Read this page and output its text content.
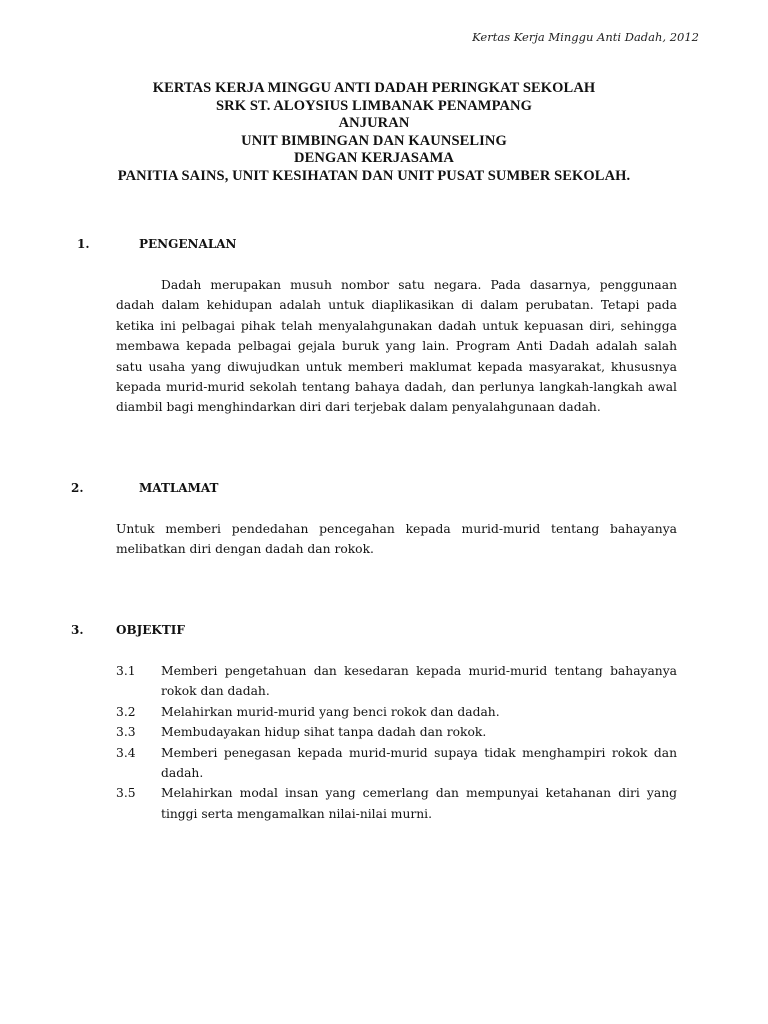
Kertas Kerja Minggu Anti Dadah, 2012
KERTAS KERJA MINGGU ANTI DADAH PERINGKAT SEKOLAH
SRK ST. ALOYSIUS LIMBANAK PENAMPANG
ANJURAN
UNIT BIMBINGAN DAN KAUNSELING
DENGAN KERJASAMA
PANITIA SAINS, UNIT KESIHATAN DAN UNIT PUSAT SUMBER SEKOLAH.
1.	PENGENALAN

Dadah merupakan musuh nombor satu negara. Pada dasarnya, penggunaan dadah dalam kehidupan adalah untuk diaplikasikan di dalam perubatan. Tetapi pada ketika ini pelbagai pihak telah menyalahgunakan dadah untuk kepuasan diri, sehingga membawa kepada pelbagai gejala buruk yang lain. Program Anti Dadah adalah salah satu usaha yang diwujudkan untuk memberi maklumat kepada masyarakat, khususnya kepada murid-murid sekolah tentang bahaya dadah, dan perlunya langkah-langkah awal diambil bagi menghindarkan diri dari terjebak dalam penyalahgunaan dadah.

2.	MATLAMAT

Untuk memberi pendedahan pencegahan kepada murid-murid tentang bahayanya melibatkan diri dengan dadah dan rokok.

3.	OBJEKTIF
3.1	Memberi pengetahuan dan kesedaran kepada murid-murid tentang bahayanya rokok dan dadah.
3.2	Melahirkan murid-murid yang benci rokok dan dadah.
3.3	Membudayakan hidup sihat tanpa dadah dan rokok.
3.4	Memberi penegasan kepada murid-murid supaya tidak menghampiri rokok dan dadah.
3.5	Melahirkan modal insan yang cemerlang dan mempunyai ketahanan diri yang tinggi serta mengamalkan nilai-nilai murni.
